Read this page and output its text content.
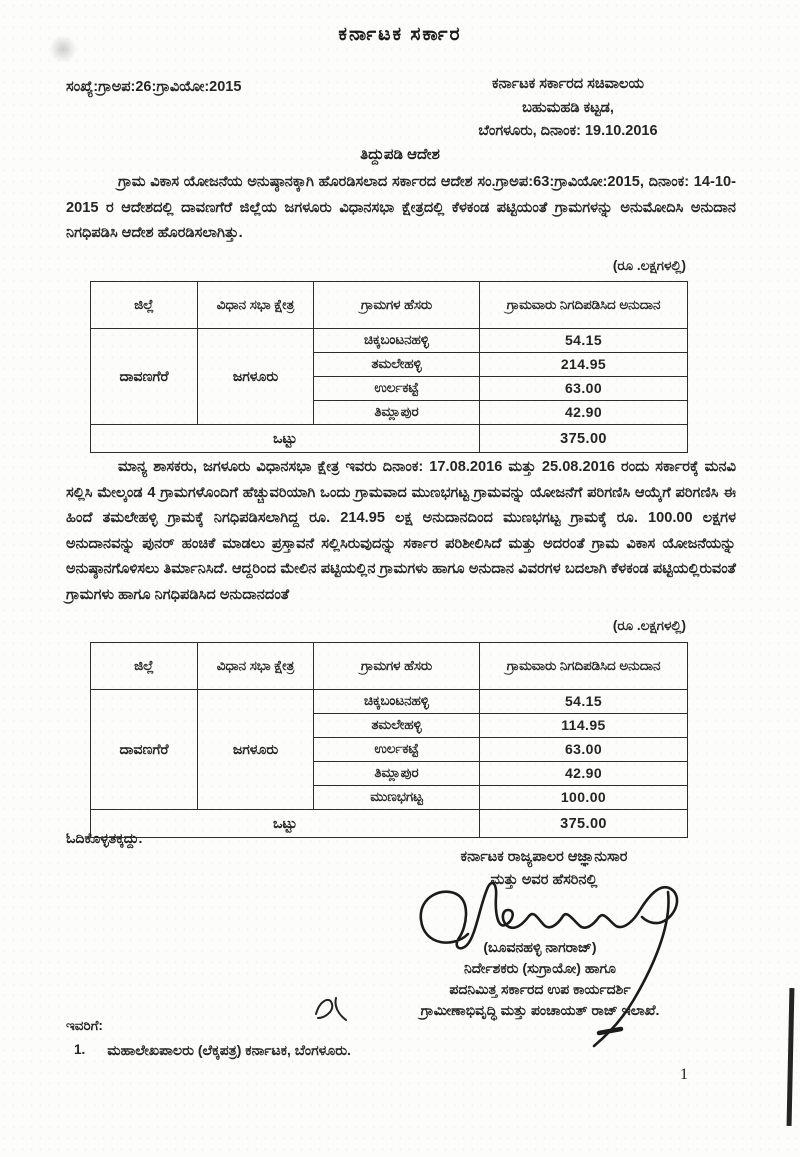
ಕರ್ನಾಟಕ ಸರ್ಕಾರ
ಸಂಖ್ಯೆ:ಗ್ರಾಅಪ:26:ಗ್ರಾವಿಯೋ:2015	ಕರ್ನಾಟಕ ಸರ್ಕಾರದ ಸಚಿವಾಲಯ
ಬಹುಮಹಡಿ ಕಟ್ಟಡ,
ಬೆಂಗಳೂರು, ದಿನಾಂಕ: 19.10.2016
ತಿದ್ದುಪಡಿ ಆದೇಶ
ಗ್ರಾಮ ವಿಕಾಸ ಯೋಜನೆಯ ಅನುಷ್ಠಾನಕ್ಕಾಗಿ ಹೊರಡಿಸಲಾದ ಸರ್ಕಾರದ ಆದೇಶ ಸಂ.ಗ್ರಾಅಪ:63:ಗ್ರಾವಿಯೋ:2015, ದಿನಾಂಕ: 14-10-2015 ರ ಆದೇಶದಲ್ಲಿ ದಾವಣಗೆರೆ ಜಿಲ್ಲೆಯ ಜಗಳೂರು ವಿಧಾನಸಭಾ ಕ್ಷೇತ್ರದಲ್ಲಿ ಕೆಳಕಂಡ ಪಟ್ಟಿಯಂತೆ ಗ್ರಾಮಗಳನ್ನು ಅನುಮೋದಿಸಿ ಅನುದಾನ ನಿಗಧಿಪಡಿಸಿ ಆದೇಶ ಹೊರಡಿಸಲಾಗಿತ್ತು.
(ರೂ .ಲಕ್ಷಗಳಲ್ಲಿ)
ಜಿಲ್ಲೆ	ವಿಧಾನ ಸಭಾ ಕ್ಷೇತ್ರ	ಗ್ರಾಮಗಳ ಹೆಸರು	ಗ್ರಾಮವಾರು ನಿಗದಿಪಡಿಸಿದ ಅನುದಾನ
ದಾವಣಗೆರೆ	ಜಗಳೂರು	ಚಿಕ್ಕಬಂಟನಹಳ್ಳಿ	54.15
		ತಮಲೇಹಳ್ಳಿ	214.95
		ಉರ್ಲಕಟ್ಟೆ	63.00
		ತಿಮ್ಲಾಪುರ	42.90
ಒಟ್ಟು			375.00
ಮಾನ್ಯ ಶಾಸಕರು, ಜಗಳೂರು ವಿಧಾನಸಭಾ ಕ್ಷೇತ್ರ ಇವರು ದಿನಾಂಕ: 17.08.2016 ಮತ್ತು 25.08.2016 ರಂದು ಸರ್ಕಾರಕ್ಕೆ ಮನವಿ ಸಲ್ಲಿಸಿ ಮೇಲ್ಕಂಡ 4 ಗ್ರಾಮಗಳೊಂದಿಗೆ ಹೆಚ್ಚುವರಿಯಾಗಿ ಒಂದು ಗ್ರಾಮವಾದ ಮುಣಭಗಟ್ಟ ಗ್ರಾಮವನ್ನು ಯೋಜನೆಗೆ ಪರಿಗಣಿಸಿ ಆಯ್ಕೆಗೆ ಪರಿಗಣಿಸಿ ಈ ಹಿಂದೆ ತಮಲೇಹಳ್ಳಿ ಗ್ರಾಮಕ್ಕೆ ನಿಗಧಿಪಡಿಸಲಾಗಿದ್ದ ರೂ. 214.95 ಲಕ್ಷ ಅನುದಾನದಿಂದ ಮುಣಭಗಟ್ಟ ಗ್ರಾಮಕ್ಕೆ ರೂ. 100.00 ಲಕ್ಷಗಳ ಅನುದಾನವನ್ನು ಪುನರ್ ಹಂಚಿಕೆ ಮಾಡಲು ಪ್ರಸ್ತಾವನೆ ಸಲ್ಲಿಸಿರುವುದನ್ನು ಸರ್ಕಾರ ಪರಿಶೀಲಿಸಿದೆ ಮತ್ತು ಅದರಂತೆ ಗ್ರಾಮ ವಿಕಾಸ ಯೋಜನೆಯನ್ನು ಅನುಷ್ಠಾನಗೊಳಿಸಲು ತಿರ್ಮಾನಿಸಿದೆ. ಆದ್ದರಿಂದ ಮೇಲಿನ ಪಟ್ಟಿಯಲ್ಲಿನ ಗ್ರಾಮಗಳು ಹಾಗೂ ಅನುದಾನ ವಿವರಗಳ ಬದಲಾಗಿ ಕೆಳಕಂಡ ಪಟ್ಟಿಯಲ್ಲಿರುವಂತೆ ಗ್ರಾಮಗಳು ಹಾಗೂ ನಿಗಧಿಪಡಿಸಿದ ಅನುದಾನದಂತೆ
(ರೂ .ಲಕ್ಷಗಳಲ್ಲಿ)
ಜಿಲ್ಲೆ	ವಿಧಾನ ಸಭಾ ಕ್ಷೇತ್ರ	ಗ್ರಾಮಗಳ ಹೆಸರು	ಗ್ರಾಮವಾರು ನಿಗದಿಪಡಿಸಿದ ಅನುದಾನ
ದಾವಣಗೆರೆ	ಜಗಳೂರು	ಚಿಕ್ಕಬಂಟನಹಳ್ಳಿ	54.15
		ತಮಲೇಹಳ್ಳಿ	114.95
		ಉರ್ಲಕಟ್ಟೆ	63.00
		ತಿಮ್ಲಾಪುರ	42.90
		ಮುಣಭಗಟ್ಟ	100.00
ಒಟ್ಟು			375.00
ಓದಿಕೊಳ್ಳತಕ್ಕದ್ದು.
ಕರ್ನಾಟಕ ರಾಜ್ಯಪಾಲರ ಆಜ್ಞಾನುಸಾರ
ಮತ್ತು ಅವರ ಹೆಸರಿನಲ್ಲಿ
(ಬೂವನಹಳ್ಳಿ ನಾಗರಾಜ್)
ನಿರ್ದೇಶಕರು (ಸುಗ್ರಾಯೋ) ಹಾಗೂ
ಪದನಿಮಿತ್ತ ಸರ್ಕಾರದ ಉಪ ಕಾರ್ಯದರ್ಶಿ
ಗ್ರಾಮೀಣಾಭಿವೃದ್ಧಿ ಮತ್ತು ಪಂಚಾಯತ್ ರಾಜ್ ಇಲಾಖೆ.
ಇವರಿಗೆ:
1. ಮಹಾಲೇಖಪಾಲರು (ಲೆಕ್ಕಪತ್ರ) ಕರ್ನಾಟಕ, ಬೆಂಗಳೂರು.
1
